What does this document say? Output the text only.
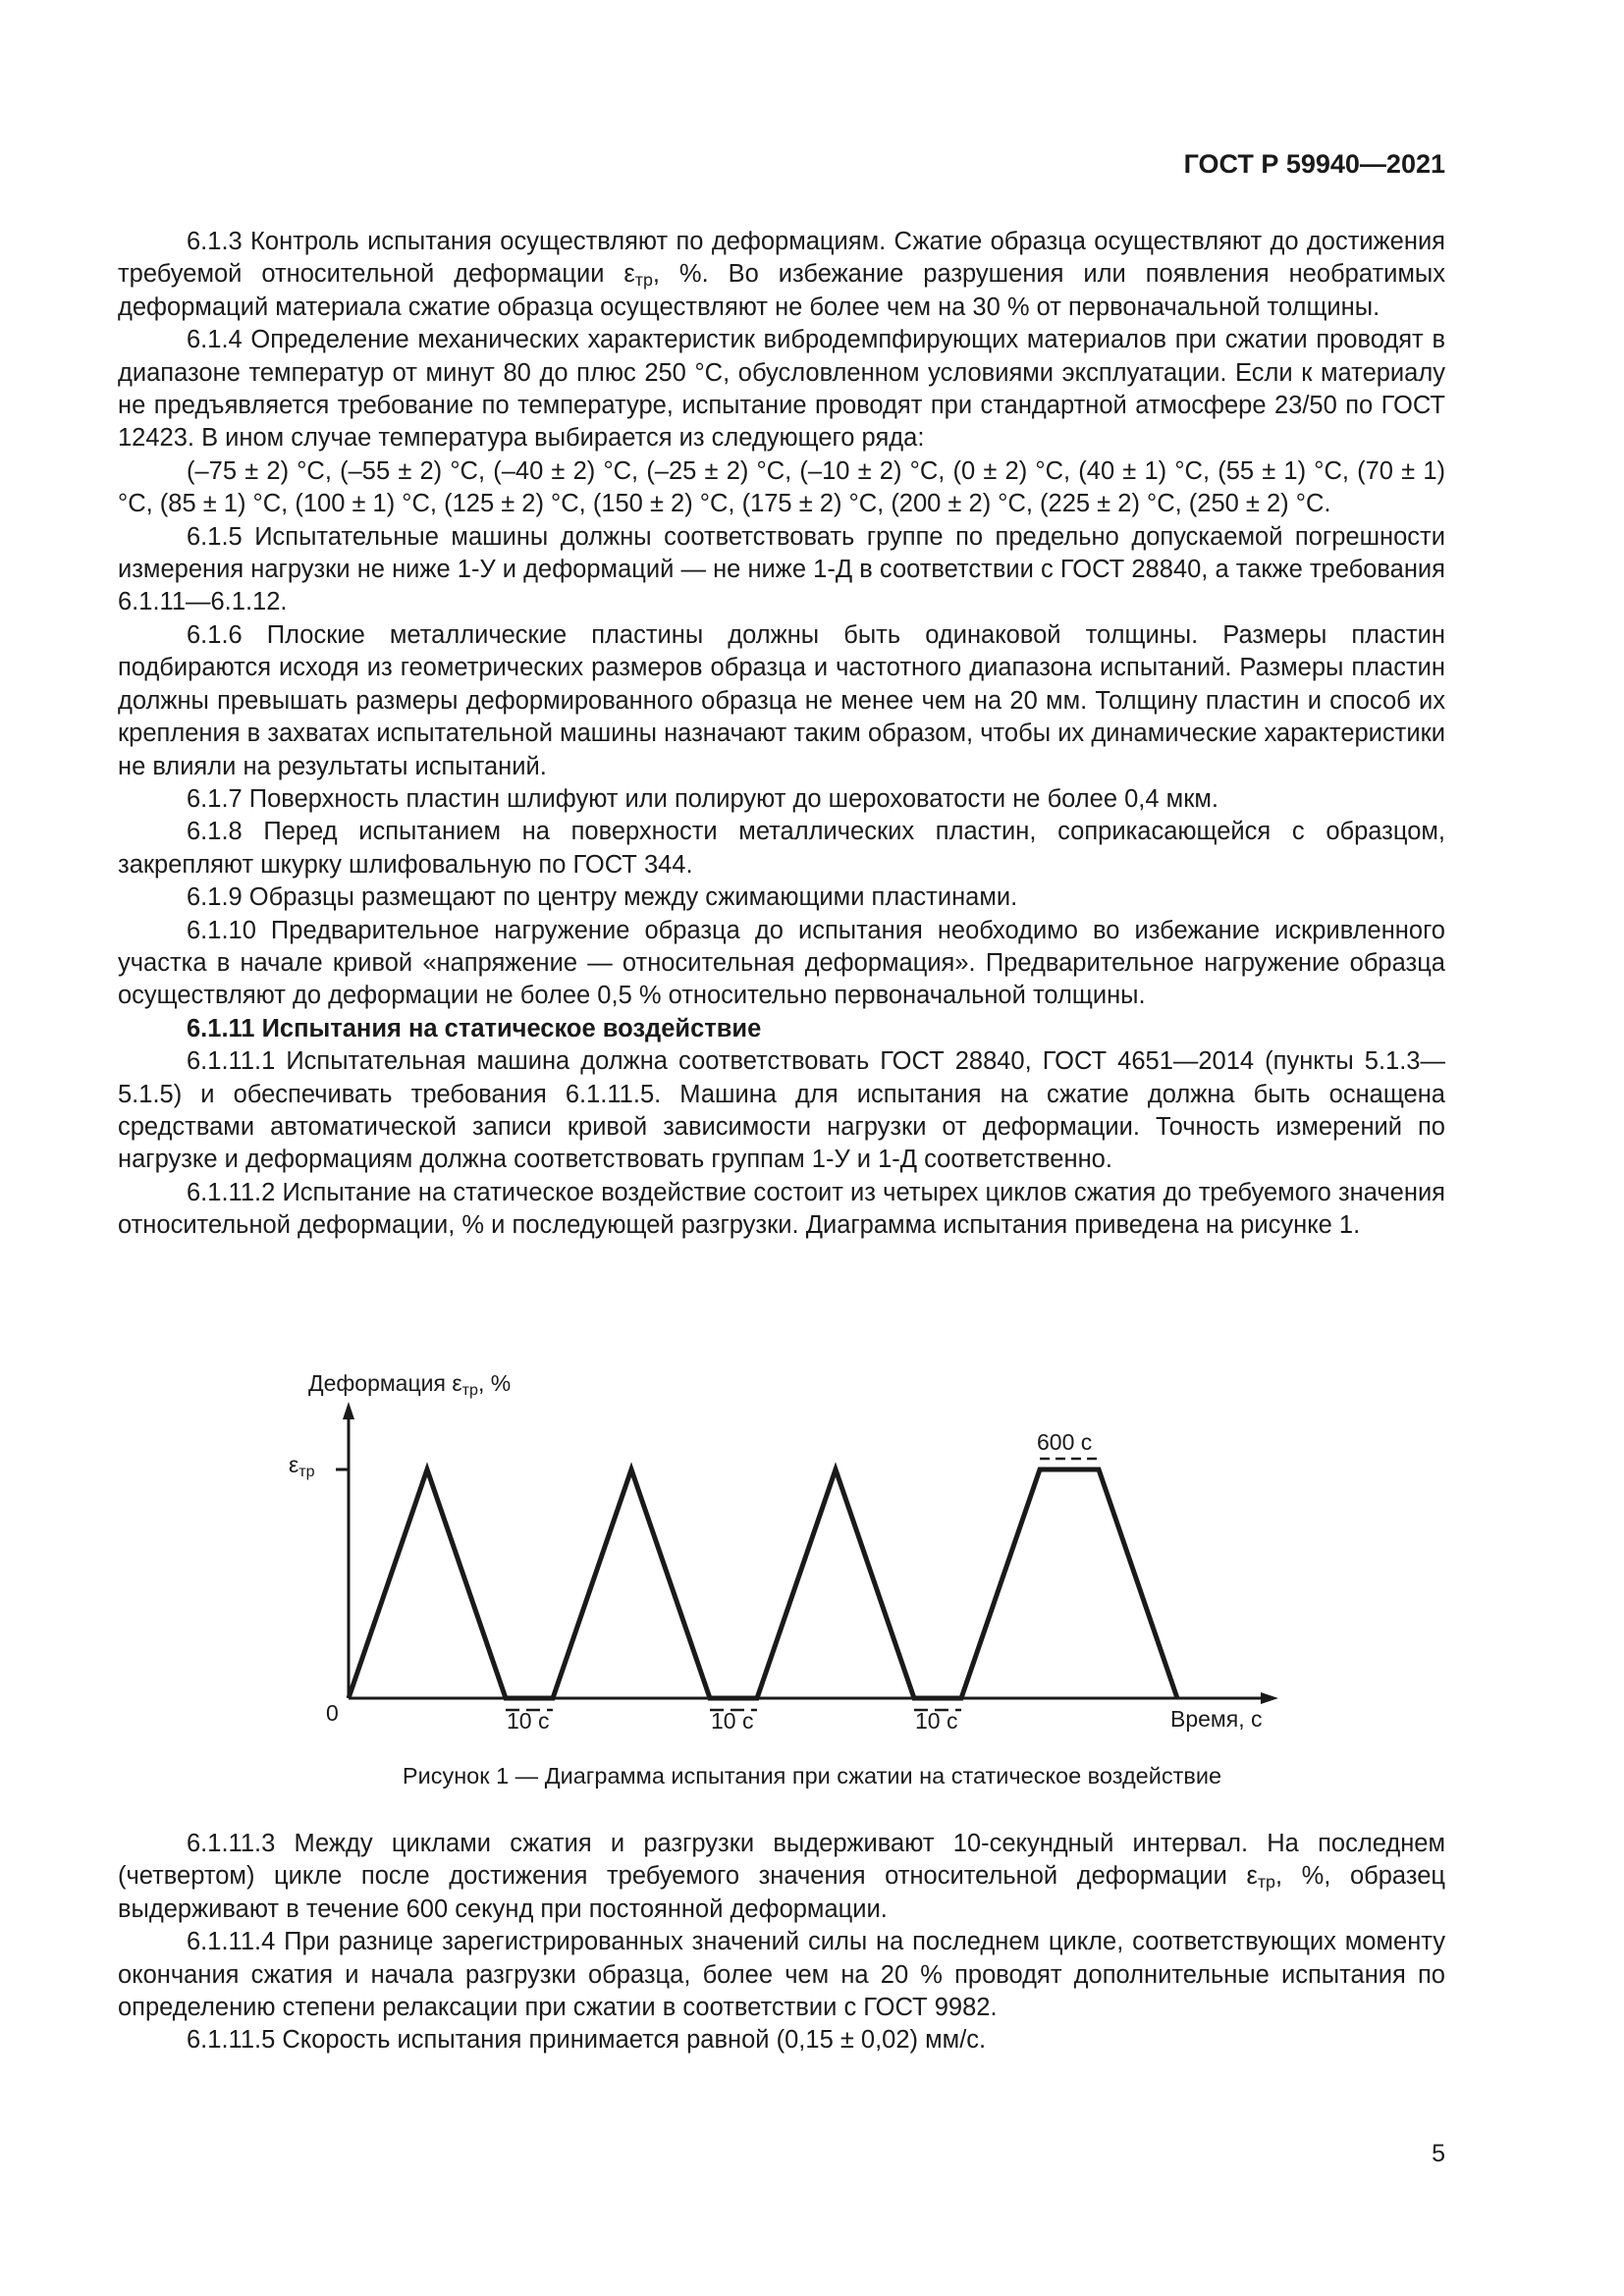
ГОСТ Р 59940—2021

6.1.3 Контроль испытания осуществляют по деформациям. Сжатие образца осуществляют до достижения требуемой относительной деформации $\varepsilon_{тр}$, %. Во избежание разрушения или появления необратимых деформаций материала сжатие образца осуществляют не более чем на 30 % от первоначальной толщины.

6.1.4 Определение механических характеристик вибродемпфирующих материалов при сжатии проводят в диапазоне температур от минут 80 до плюс 250 °С, обусловленном условиями эксплуатации. Если к материалу не предъявляется требование по температуре, испытание проводят при стандартной атмосфере 23/50 по ГОСТ 12423. В ином случае температура выбирается из следующего ряда:

(–75 ± 2) °С, (–55 ± 2) °С, (–40 ± 2) °С, (–25 ± 2) °С, (–10 ± 2) °С, (0 ± 2) °С, (40 ± 1) °С, (55 ± 1) °С, (70 ± 1) °С, (85 ± 1) °С, (100 ± 1) °С, (125 ± 2) °С, (150 ± 2) °С, (175 ± 2) °С, (200 ± 2) °С, (225 ± 2) °С, (250 ± 2) °С.

6.1.5 Испытательные машины должны соответствовать группе по предельно допускаемой погрешности измерения нагрузки не ниже 1-У и деформаций — не ниже 1-Д в соответствии с ГОСТ 28840, а также требования 6.1.11—6.1.12.

6.1.6 Плоские металлические пластины должны быть одинаковой толщины. Размеры пластин подбираются исходя из геометрических размеров образца и частотного диапазона испытаний. Размеры пластин должны превышать размеры деформированного образца не менее чем на 20 мм. Толщину пластин и способ их крепления в захватах испытательной машины назначают таким образом, чтобы их динамические характеристики не влияли на результаты испытаний.

6.1.7 Поверхность пластин шлифуют или полируют до шероховатости не более 0,4 мкм.

6.1.8 Перед испытанием на поверхности металлических пластин, соприкасающейся с образцом, закрепляют шкурку шлифовальную по ГОСТ 344.

6.1.9 Образцы размещают по центру между сжимающими пластинами.

6.1.10 Предварительное нагружение образца до испытания необходимо во избежание искривленного участка в начале кривой «напряжение — относительная деформация». Предварительное нагружение образца осуществляют до деформации не более 0,5 % относительно первоначальной толщины.

6.1.11 Испытания на статическое воздействие

6.1.11.1 Испытательная машина должна соответствовать ГОСТ 28840, ГОСТ 4651—2014 (пункты 5.1.3—5.1.5) и обеспечивать требования 6.1.11.5. Машина для испытания на сжатие должна быть оснащена средствами автоматической записи кривой зависимости нагрузки от деформации. Точность измерений по нагрузке и деформациям должна соответствовать группам 1-У и 1-Д соответственно.

6.1.11.2 Испытание на статическое воздействие состоит из четырех циклов сжатия до требуемого значения относительной деформации, % и последующей разгрузки. Диаграмма испытания приведена на рисунке 1.

Деформация $\varepsilon_{тр}$, %
$\varepsilon_{тр}$
0	10 с	10 с	10 с
600 с
Время, с
Рисунок 1 — Диаграмма испытания при сжатии на статическое воздействие

6.1.11.3 Между циклами сжатия и разгрузки выдерживают 10-секундный интервал. На последнем (четвертом) цикле после достижения требуемого значения относительной деформации $\varepsilon_{тр}$, %, образец выдерживают в течение 600 секунд при постоянной деформации.

6.1.11.4 При разнице зарегистрированных значений силы на последнем цикле, соответствующих моменту окончания сжатия и начала разгрузки образца, более чем на 20 % проводят дополнительные испытания по определению степени релаксации при сжатии в соответствии с ГОСТ 9982.

6.1.11.5 Скорость испытания принимается равной (0,15 ± 0,02) мм/с.

5
